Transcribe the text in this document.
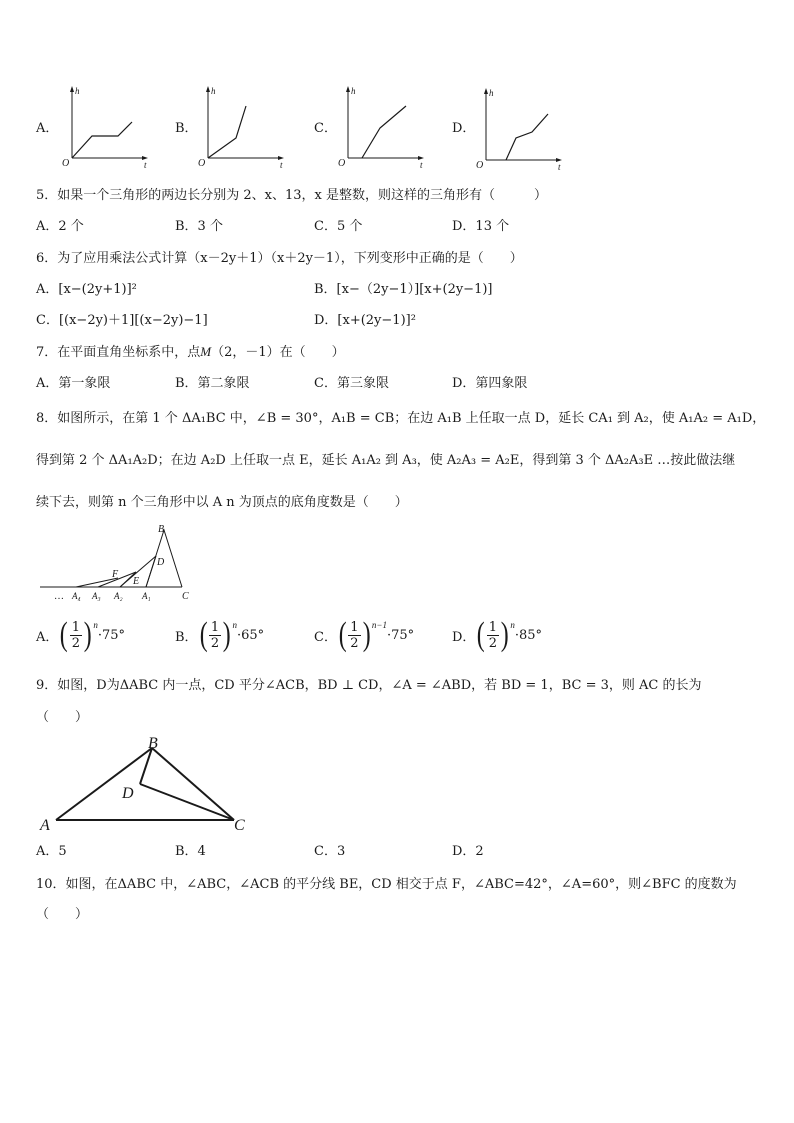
A．
h
t
O
B．
h
t
O
C．
h
t
O
D．
h
t
O
5．如果一个三角形的两边长分别为 2、x、13，x 是整数，则这样的三角形有（　　　）
A．2 个	B．3 个	C．5 个	D．13 个
6．为了应用乘法公式计算（x－2y＋1）（x＋2y－1），下列变形中正确的是（　　）
A．[x−(2y+1)]²	B．[x−（2y−1）][x+(2y−1)]
C．[(x−2y)＋1][(x−2y)−1]	D．[x+(2y−1)]²
7．在平面直角坐标系中，点M（2，－1）在（　　）
A．第一象限	B．第二象限	C．第三象限	D．第四象限
8．如图所示，在第 1 个 ΔA₁BC 中，∠B = 30°，A₁B = CB；在边 A₁B 上任取一点 D，延长 CA₁ 到 A₂，使 A₁A₂ = A₁D，
得到第 2 个 ΔA₁A₂D；在边 A₂D 上任取一点 E，延长 A₁A₂ 到 A₃，使 A₂A₃ = A₂E，得到第 3 个 ΔA₂A₃E …按此做法继
续下去，则第 n 个三角形中以 A n 为顶点的底角度数是（　　）
B
D
F
E
… A₄ A₃ A₂ A₁	C
A． ( $\frac{1}{2}$ ) n
·75°	B． ( $\frac{1}{2}$ ) n
·65°	C． ( $\frac{1}{2}$ ) n−1
·75°	D． ( $\frac{1}{2}$ ) n
·85°
9．如图，D为ΔABC 内一点，CD 平分∠ACB，BD ⊥ CD，∠A = ∠ABD，若 BD = 1，BC = 3，则 AC 的长为
（　　）
B
D
A	C
A．5	B．4	C．3	D．2
10．如图，在ΔABC 中，∠ABC，∠ACB 的平分线 BE，CD 相交于点 F，∠ABC=42°，∠A=60°，则∠BFC 的度数为
（　　）
